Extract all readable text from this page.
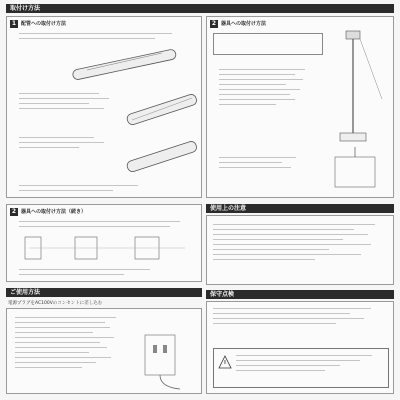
取付け方法
1 配管への取付け方法	2 器具への取付け方法
2 器具への取付け方法（続き）
ご使用方法
電源プラグをAC100Vのコンセントに差し込む
使用上の注意
保守点検
